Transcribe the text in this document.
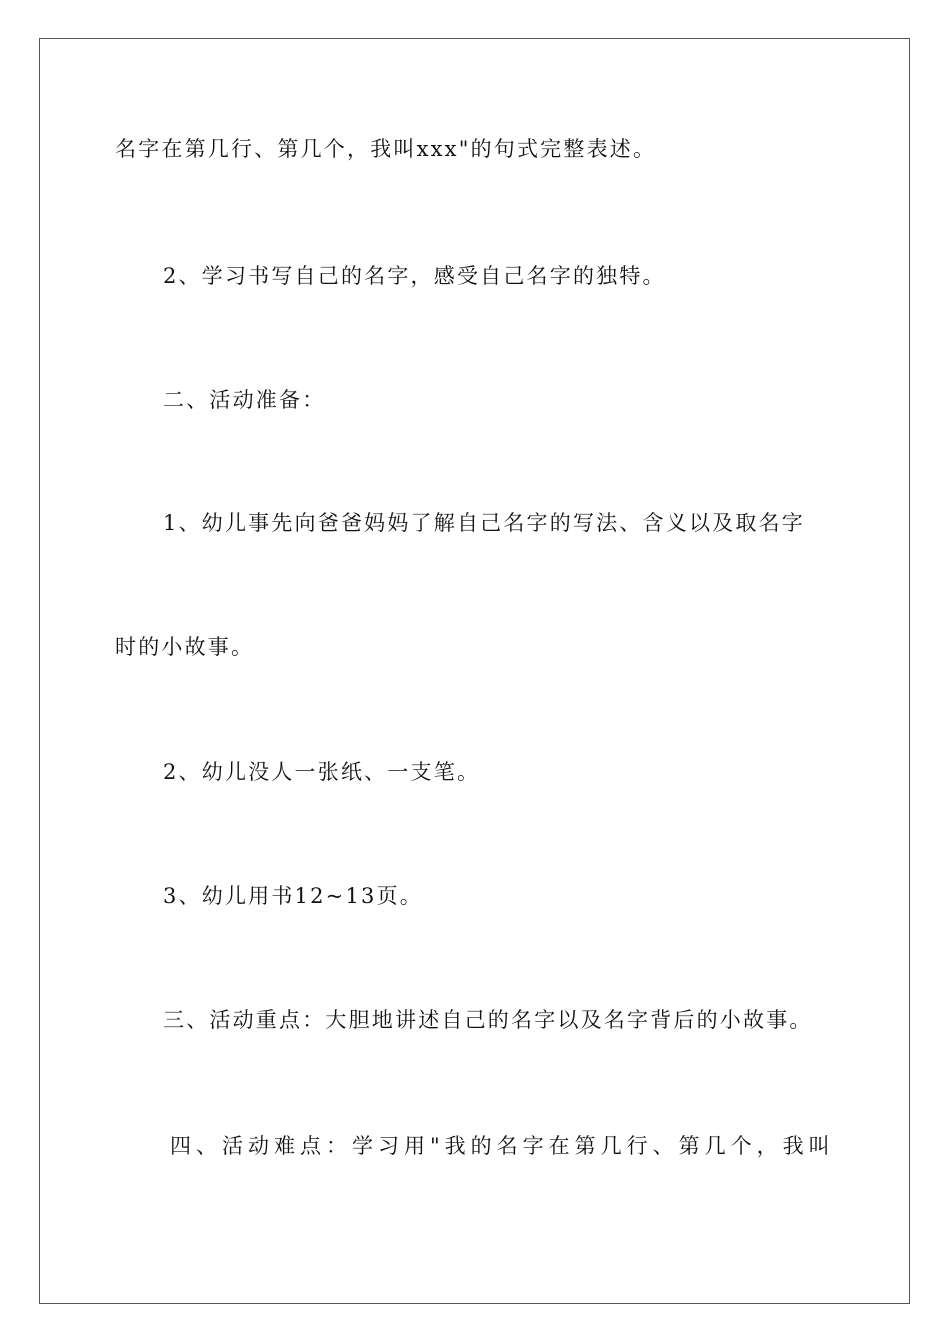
名字在第几行、第几个，我叫xxx"的句式完整表述。

2、学习书写自己的名字，感受自己名字的独特。

二、活动准备：

1、幼儿事先向爸爸妈妈了解自己名字的写法、含义以及取名字

时的小故事。

2、幼儿没人一张纸、一支笔。

3、幼儿用书12~13页。

三、活动重点：大胆地讲述自己的名字以及名字背后的小故事。

四、活动难点：学习用"我的名字在第几行、第几个，我叫
